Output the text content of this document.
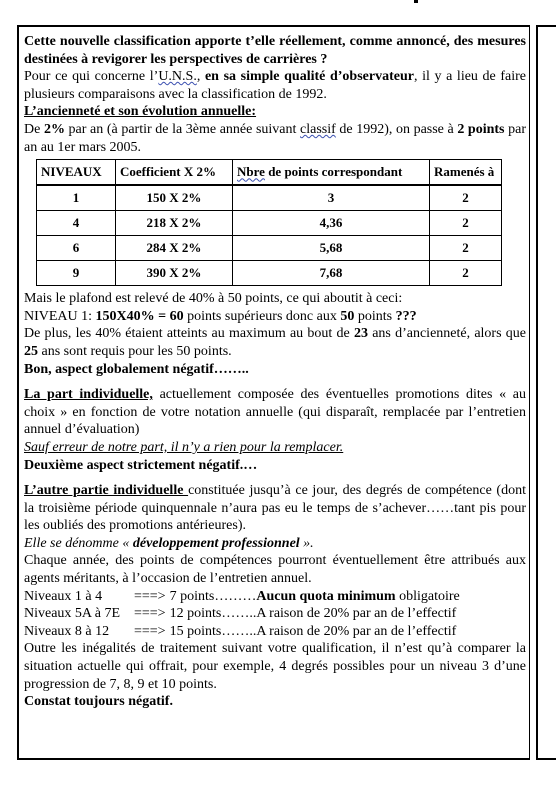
Cette nouvelle classification apporte t’elle réellement, comme annoncé, des mesures destinées à revigorer les perspectives de carrières ?

Pour ce qui concerne l’U.N.S., en sa simple qualité d’observateur, il y a lieu de faire plusieurs comparaisons avec la classification de 1992.

L’ancienneté et son évolution annuelle:

De 2% par an (à partir de la 3ème année suivant classif de 1992), on passe à 2 points par an au 1er mars 2005.

NIVEAUX	Coefficient X 2%	Nbre de points correspondant	Ramenés à
1	150 X 2%	3	2
4	218 X 2%	4,36	2
6	284 X 2%	5,68	2
9	390 X 2%	7,68	2

Mais le plafond est relevé de 40% à 50 points, ce qui aboutit à ceci:

NIVEAU 1: 150X40% = 60 points supérieurs donc aux 50 points ???

De plus, les 40% étaient atteints au maximum au bout de 23 ans d’ancienneté, alors que 25 ans sont requis pour les 50 points.

Bon, aspect globalement négatif……..

La part individuelle, actuellement composée des éventuelles promotions dites « au choix » en fonction de votre notation annuelle (qui disparaît, remplacée par l’entretien annuel d’évaluation)

Sauf erreur de notre part, il n’y a rien pour la remplacer.

Deuxième aspect strictement négatif.…

L’autre partie individuelle constituée jusqu’à ce jour, des degrés de compétence (dont la troisième période quinquennale n’aura pas eu le temps de s’achever……tant pis pour les oubliés des promotions antérieures).

Elle se dénomme « développement professionnel ».

Chaque année, des points de compétences pourront éventuellement être attribués aux agents méritants, à l’occasion de l’entretien annuel.

Niveaux 1 à 4 ===> 7 points………Aucun quota minimum obligatoire

Niveaux 5A à 7E ===> 12 points……..A raison de 20% par an de l’effectif

Niveaux 8 à 12 ===> 15 points……..A raison de 20% par an de l’effectif

Outre les inégalités de traitement suivant votre qualification, il n’est qu’à comparer la situation actuelle qui offrait, pour exemple, 4 degrés possibles pour un niveau 3 d’une progression de 7, 8, 9 et 10 points.

Constat toujours négatif.
